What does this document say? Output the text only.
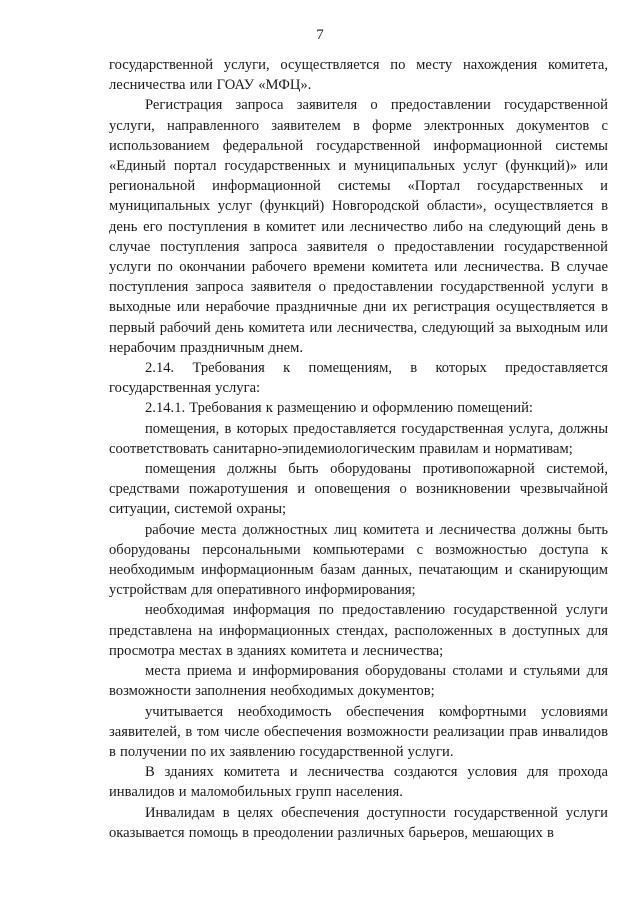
7

государственной услуги, осуществляется по месту нахождения комитета, лесничества или ГОАУ «МФЦ».

Регистрация запроса заявителя о предоставлении государственной услуги, направленного заявителем в форме электронных документов с использованием федеральной государственной информационной системы «Единый портал государственных и муниципальных услуг (функций)» или региональной информационной системы «Портал государственных и муниципальных услуг (функций) Новгородской области», осуществляется в день его поступления в комитет или лесничество либо на следующий день в случае поступления запроса заявителя о предоставлении государственной услуги по окончании рабочего времени комитета или лесничества. В случае поступления запроса заявителя о предоставлении государственной услуги в выходные или нерабочие праздничные дни их регистрация осуществляется в первый рабочий день комитета или лесничества, следующий за выходным или нерабочим праздничным днем.

2.14. Требования к помещениям, в которых предоставляется государственная услуга:

2.14.1. Требования к размещению и оформлению помещений:

помещения, в которых предоставляется государственная услуга, должны соответствовать санитарно-эпидемиологическим правилам и нормативам;

помещения должны быть оборудованы противопожарной системой, средствами пожаротушения и оповещения о возникновении чрезвычайной ситуации, системой охраны;

рабочие места должностных лиц комитета и лесничества должны быть оборудованы персональными компьютерами с возможностью доступа к необходимым информационным базам данных, печатающим и сканирующим устройствам для оперативного информирования;

необходимая информация по предоставлению государственной услуги представлена на информационных стендах, расположенных в доступных для просмотра местах в зданиях комитета и лесничества;

места приема и информирования оборудованы столами и стульями для возможности заполнения необходимых документов;

учитывается необходимость обеспечения комфортными условиями заявителей, в том числе обеспечения возможности реализации прав инвалидов в получении по их заявлению государственной услуги.

В зданиях комитета и лесничества создаются условия для прохода инвалидов и маломобильных групп населения.

Инвалидам в целях обеспечения доступности государственной услуги оказывается помощь в преодолении различных барьеров, мешающих в
